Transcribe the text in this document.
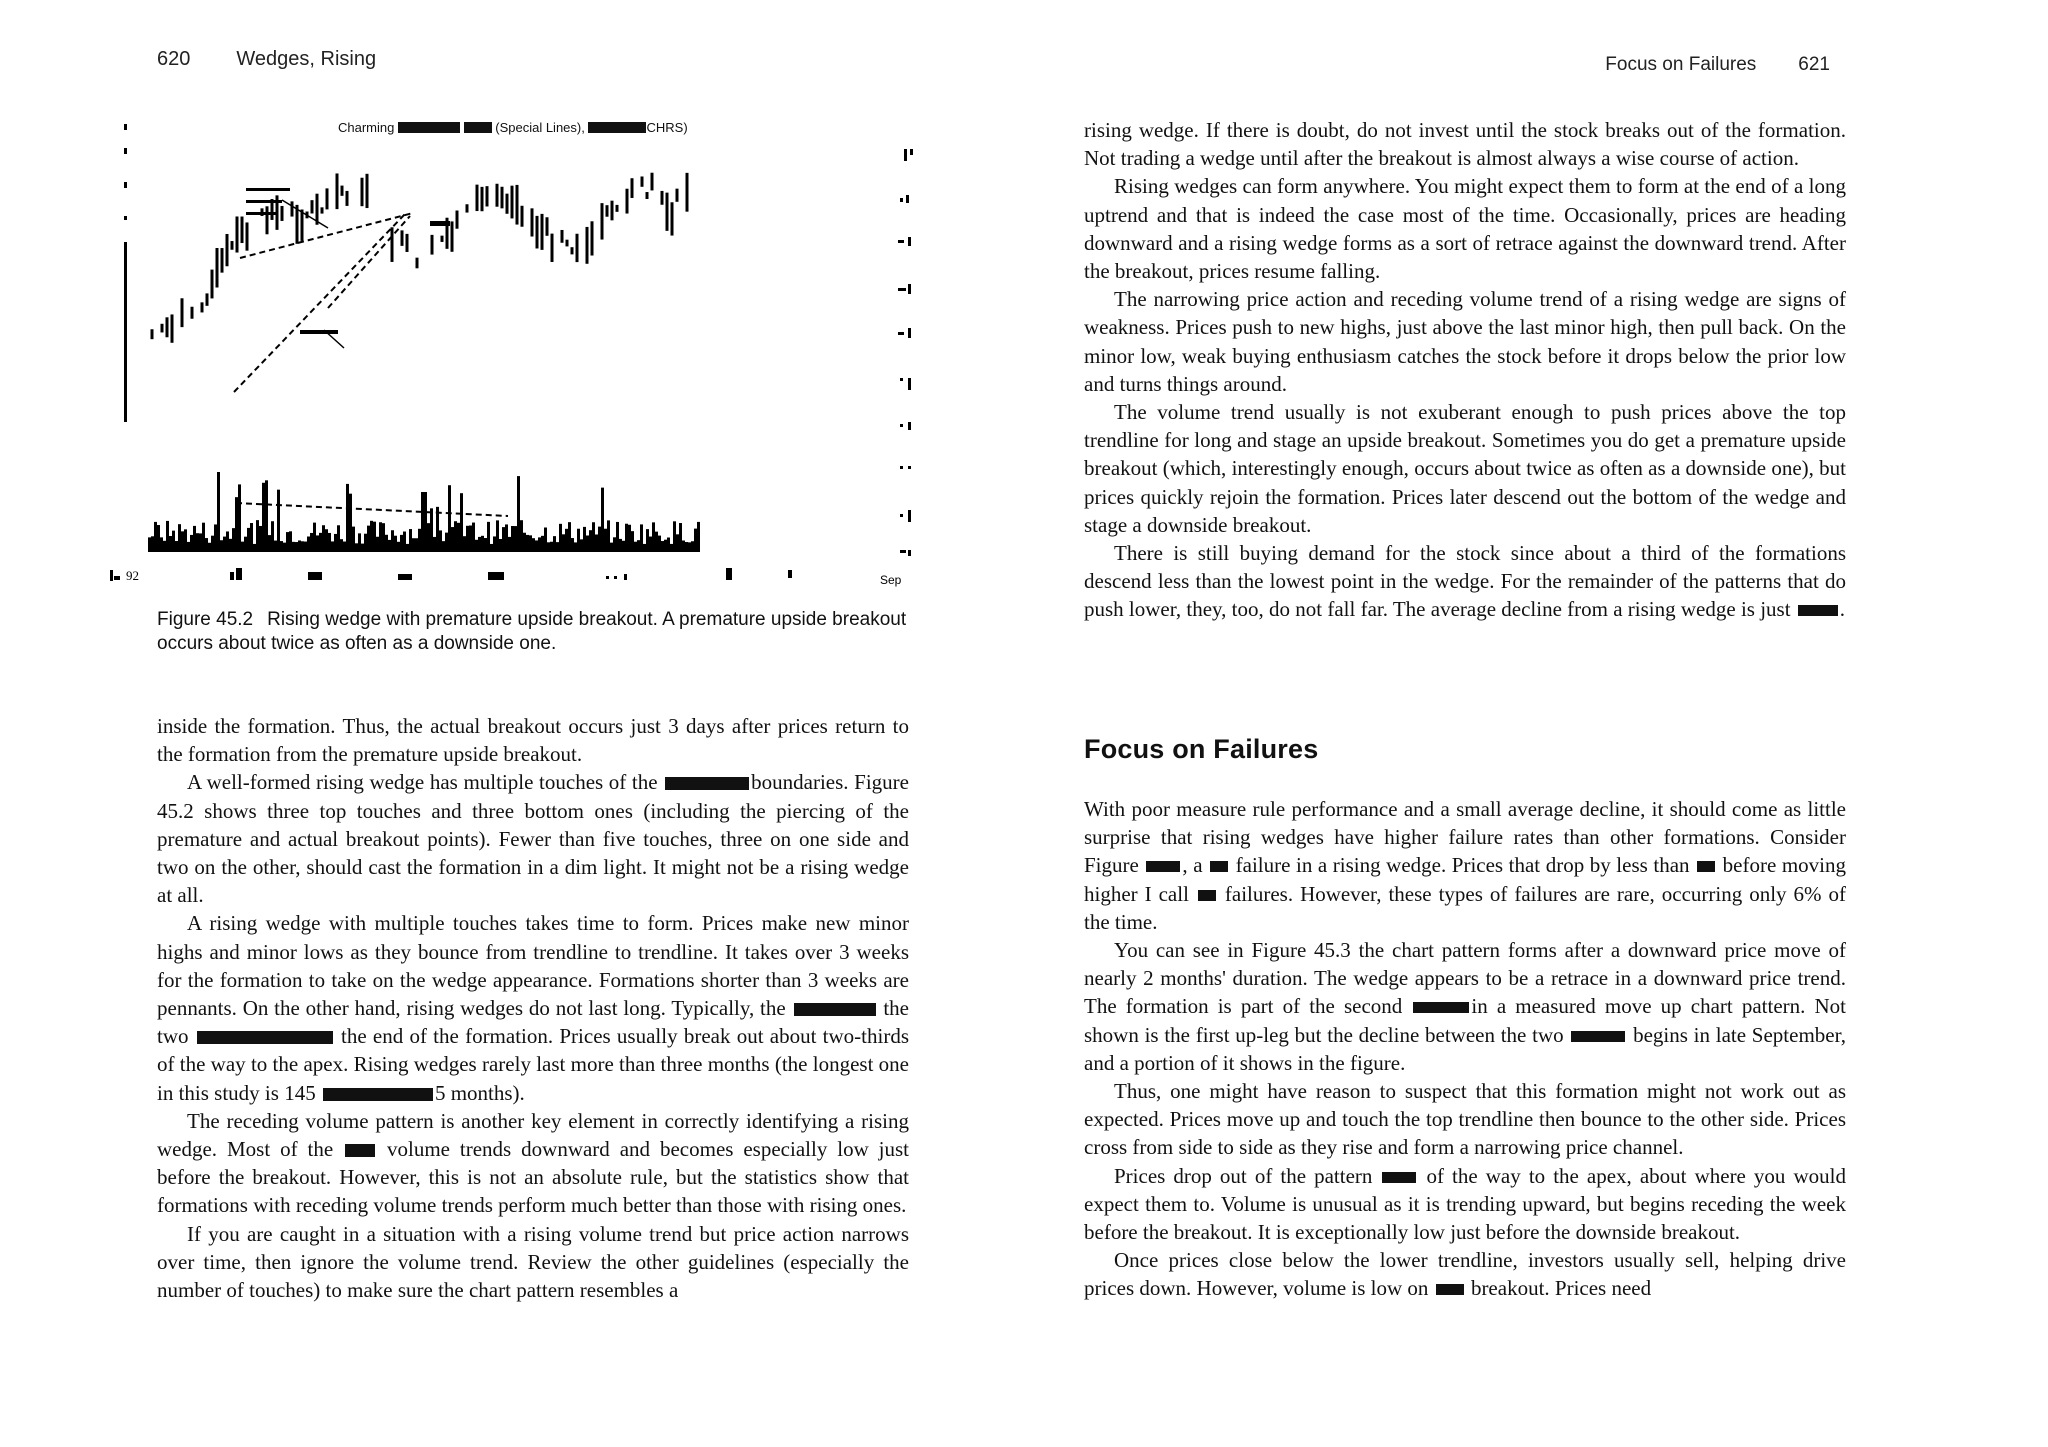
620 Wedges, Rising
Charming	(Special Lines),	CHRS)
92	Sep
Figure 45.2 Rising wedge with premature upside breakout. A premature upside breakout occurs about twice as often as a downside one.

inside the formation. Thus, the actual breakout occurs just 3 days after prices return to the formation from the premature upside breakout.

A well-formed rising wedge has multiple touches of the	boundaries. Figure 45.2 shows three top touches and three bottom ones (including the piercing of the premature and actual breakout points). Fewer than five touches, three on one side and two on the other, should cast the formation in a dim light. It might not be a rising wedge at all.

A rising wedge with multiple touches takes time to form. Prices make new minor highs and minor lows as they bounce from trendline to trendline. It takes over 3 weeks for the formation to take on the wedge appearance. Formations shorter than 3 weeks are pennants. On the other hand, rising wedges do not last long. Typically, the	the two	the end of the formation. Prices usually break out about two-thirds of the way to the apex. Rising wedges rarely last more than three months (the longest one in this study is 145	5 months).

The receding volume pattern is another key element in correctly identifying a rising wedge. Most of the  volume trends downward and becomes especially low just before the breakout. However, this is not an absolute rule, but the statistics show that formations with receding volume trends perform much better than those with rising ones.

If you are caught in a situation with a rising volume trend but price action narrows over time, then ignore the volume trend. Review the other guidelines (especially the number of touches) to make sure the chart pattern resembles a

Focus on Failures 621

rising wedge. If there is doubt, do not invest until the stock breaks out of the formation. Not trading a wedge until after the breakout is almost always a wise course of action.

Rising wedges can form anywhere. You might expect them to form at the end of a long uptrend and that is indeed the case most of the time. Occasionally, prices are heading downward and a rising wedge forms as a sort of retrace against the downward trend. After the breakout, prices resume falling.

The narrowing price action and receding volume trend of a rising wedge are signs of weakness. Prices push to new highs, just above the last minor high, then pull back. On the minor low, weak buying enthusiasm catches the stock before it drops below the prior low and turns things around.

The volume trend usually is not exuberant enough to push prices above the top trendline for long and stage an upside breakout. Sometimes you do get a premature upside breakout (which, interestingly enough, occurs about twice as often as a downside one), but prices quickly rejoin the formation. Prices later descend out the bottom of the wedge and stage a downside breakout.

There is still buying demand for the stock since about a third of the formations descend less than the lowest point in the wedge. For the remainder of the patterns that do push lower, they, too, do not fall far. The average decline from a rising wedge is just .

Focus on Failures

With poor measure rule performance and a small average decline, it should come as little surprise that rising wedges have higher failure rates than other formations. Consider Figure , a  failure in a rising wedge. Prices that drop by less than  before moving higher I call  failures. However, these types of failures are rare, occurring only 6% of the time.

You can see in Figure 45.3 the chart pattern forms after a downward price move of nearly 2 months' duration. The wedge appears to be a retrace in a downward price trend. The formation is part of the second	in a measured move up chart pattern. Not shown is the first up-leg but the decline between the two	begins in late September, and a portion of it shows in the figure.

Thus, one might have reason to suspect that this formation might not work out as expected. Prices move up and touch the top trendline then bounce to the other side. Prices cross from side to side as they rise and form a narrowing price channel.

Prices drop out of the pattern  of the way to the apex, about where you would expect them to. Volume is unusual as it is trending upward, but begins receding the week before the breakout. It is exceptionally low just before the downside breakout.

Once prices close below the lower trendline, investors usually sell, helping drive prices down. However, volume is low on  breakout. Prices need
